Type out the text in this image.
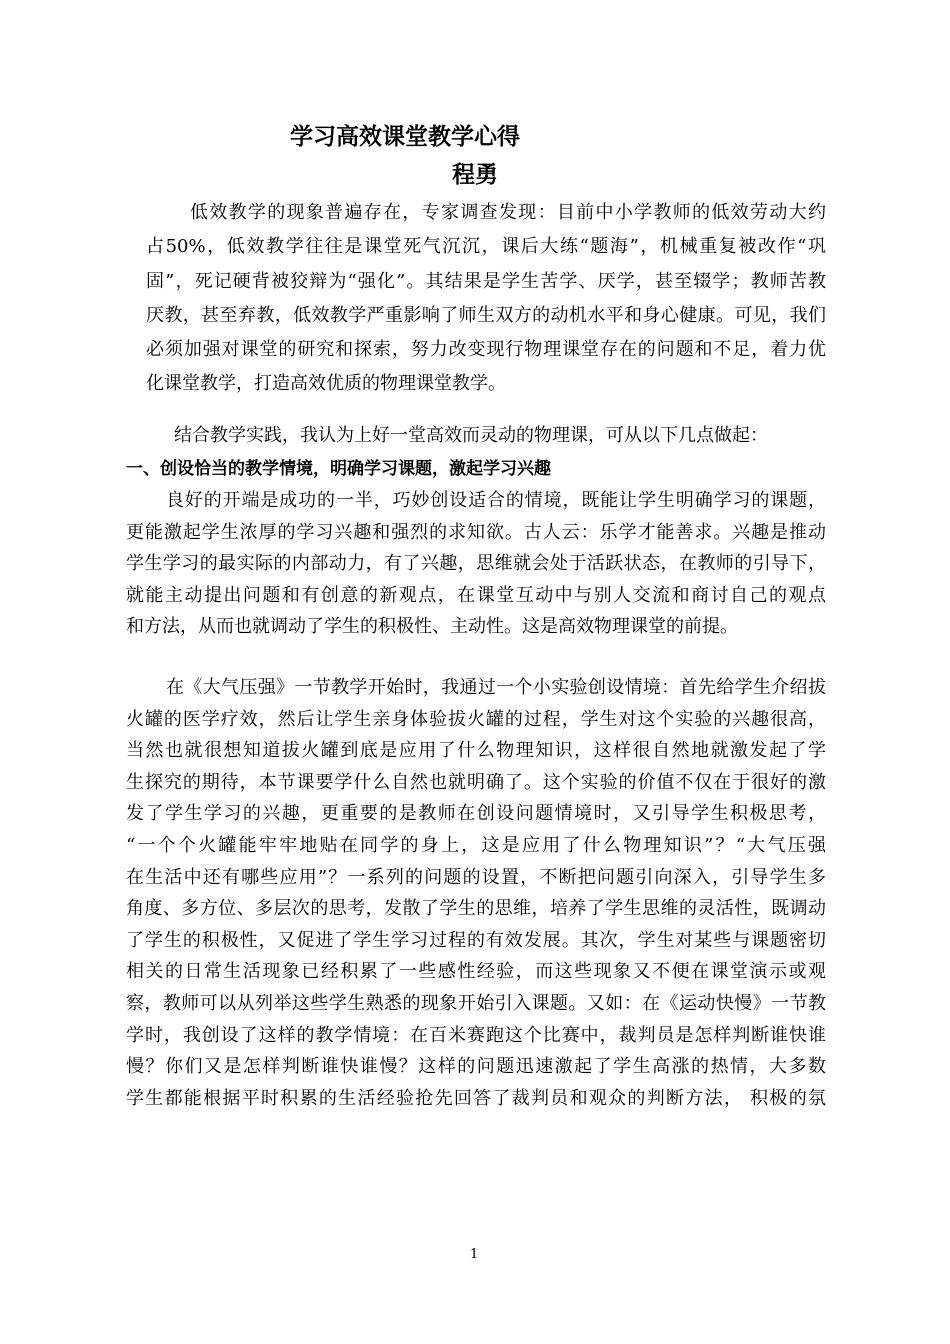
学习高效课堂教学心得
程勇
低效教学的现象普遍存在，专家调查发现：目前中小学教师的低效劳动大约
占50%，低效教学往往是课堂死气沉沉，课后大练“题海”，机械重复被改作“巩
固”，死记硬背被狡辩为“强化”。其结果是学生苦学、厌学，甚至辍学；教师苦教
厌教，甚至弃教，低效教学严重影响了师生双方的动机水平和身心健康。可见，我们
必须加强对课堂的研究和探索，努力改变现行物理课堂存在的问题和不足，着力优
化课堂教学，打造高效优质的物理课堂教学。
结合教学实践，我认为上好一堂高效而灵动的物理课，可从以下几点做起：
一、创设恰当的教学情境，明确学习课题，激起学习兴趣
良好的开端是成功的一半，巧妙创设适合的情境，既能让学生明确学习的课题，
更能激起学生浓厚的学习兴趣和强烈的求知欲。古人云：乐学才能善求。兴趣是推动
学生学习的最实际的内部动力，有了兴趣，思维就会处于活跃状态，在教师的引导下，
就能主动提出问题和有创意的新观点，在课堂互动中与别人交流和商讨自己的观点
和方法，从而也就调动了学生的积极性、主动性。这是高效物理课堂的前提。
在《大气压强》一节教学开始时，我通过一个小实验创设情境：首先给学生介绍拔
火罐的医学疗效，然后让学生亲身体验拔火罐的过程，学生对这个实验的兴趣很高，
当然也就很想知道拔火罐到底是应用了什么物理知识，这样很自然地就激发起了学
生探究的期待，本节课要学什么自然也就明确了。这个实验的价值不仅在于很好的激
发了学生学习的兴趣，更重要的是教师在创设问题情境时，又引导学生积极思考，
“一个个火罐能牢牢地贴在同学的身上，这是应用了什么物理知识”？“大气压强
在生活中还有哪些应用”？一系列的问题的设置，不断把问题引向深入，引导学生多
角度、多方位、多层次的思考，发散了学生的思维，培养了学生思维的灵活性，既调动
了学生的积极性，又促进了学生学习过程的有效发展。其次，学生对某些与课题密切
相关的日常生活现象已经积累了一些感性经验，而这些现象又不便在课堂演示或观
察，教师可以从列举这些学生熟悉的现象开始引入课题。又如：在《运动快慢》一节教
学时，我创设了这样的教学情境：在百米赛跑这个比赛中，裁判员是怎样判断谁快谁
慢？你们又是怎样判断谁快谁慢？这样的问题迅速激起了学生高涨的热情，大多数
学生都能根据平时积累的生活经验抢先回答了裁判员和观众的判断方法， 积极的氛
1
